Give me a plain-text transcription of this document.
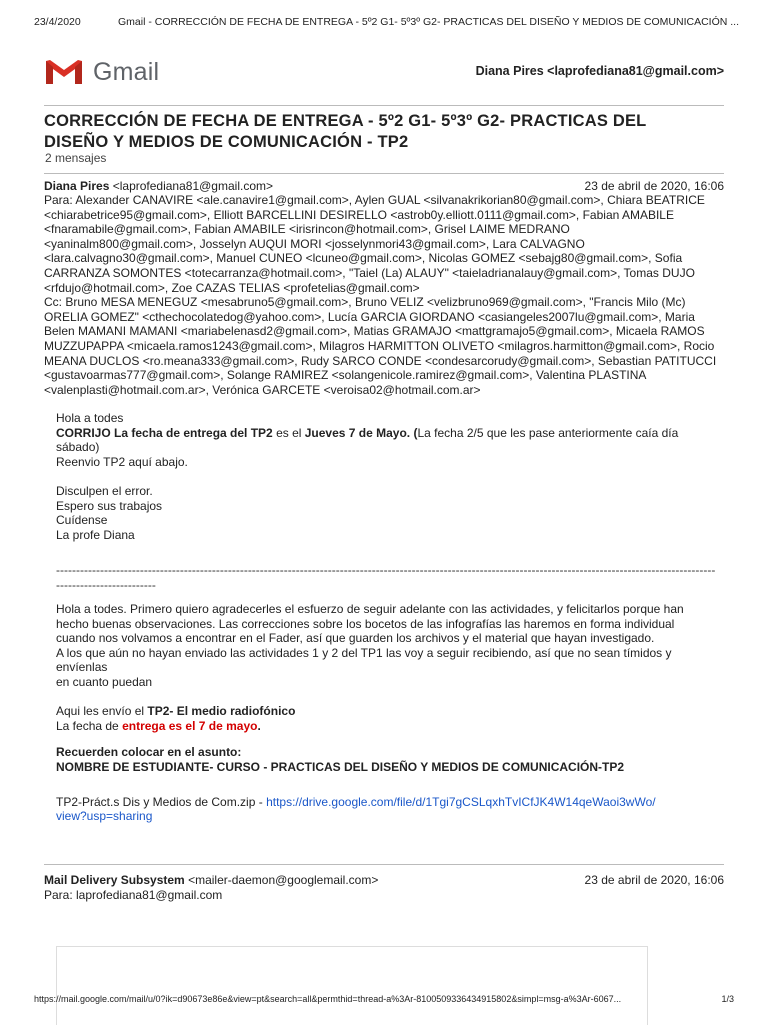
23/4/2020	Gmail - CORRECCIÓN DE FECHA DE ENTREGA - 5º2 G1- 5º3º G2- PRACTICAS DEL DISEÑO Y MEDIOS DE COMUNICACIÓN ...
Gmail	Diana Pires <laprofediana81@gmail.com>
CORRECCIÓN DE FECHA DE ENTREGA - 5º2 G1- 5º3º G2- PRACTICAS DEL DISEÑO Y MEDIOS DE COMUNICACIÓN - TP2
2 mensajes
Diana Pires <laprofediana81@gmail.com>	23 de abril de 2020, 16:06

Para: Alexander CANAVIRE <ale.canavire1@gmail.com>, Aylen GUAL <silvanakrikorian80@gmail.com>, Chiara BEATRICE <chiarabetrice95@gmail.com>, Elliott BARCELLINI DESIRELLO <astrob0y.elliott.0111@gmail.com>, Fabian AMABILE <fnaramabile@gmail.com>, Fabian AMABILE <irisrincon@hotmail.com>, Grisel LAIME MEDRANO <yaninalm800@gmail.com>, Josselyn AUQUI MORI <josselynmori43@gmail.com>, Lara CALVAGNO <lara.calvagno30@gmail.com>, Manuel CUNEO <lcuneo@gmail.com>, Nicolas GOMEZ <sebajg80@gmail.com>, Sofia CARRANZA SOMONTES <totecarranza@hotmail.com>, "Taiel (La) ALAUY" <taieladrianalauy@gmail.com>, Tomas DUJO <rfdujo@hotmail.com>, Zoe CAZAS TELIAS <profetelias@gmail.com>

Cc: Bruno MESA MENEGUZ <mesabruno5@gmail.com>, Bruno VELIZ <velizbruno969@gmail.com>, "Francis Milo (Mc) ORELIA GOMEZ" <cthechocolatedog@yahoo.com>, Lucía GARCIA GIORDANO <casiangeles2007lu@gmail.com>, Maria Belen MAMANI MAMANI <mariabelenasd2@gmail.com>, Matias GRAMAJO <mattgramajo5@gmail.com>, Micaela RAMOS MUZZUPAPPA <micaela.ramos1243@gmail.com>, Milagros HARMITTON OLIVETO <milagros.harmitton@gmail.com>, Rocio MEANA DUCLOS <ro.meana333@gmail.com>, Rudy SARCO CONDE <condesarcorudy@gmail.com>, Sebastian PATITUCCI <gustavoarmas777@gmail.com>, Solange RAMIREZ <solangenicole.ramirez@gmail.com>, Valentina PLASTINA <valenplasti@hotmail.com.ar>, Verónica GARCETE <veroisa02@hotmail.com.ar>

Hola a todes

CORRIJO La fecha de entrega del TP2 es el Jueves 7 de Mayo. (La fecha 2/5 que les pase anteriormente caía día sábado)

Reenvio TP2 aquí abajo.

Disculpen el error.

Espero sus trabajos

Cuídense

La profe Diana

----------------------------------------------------------------------------------------------------------------------------------------------------------------------------------------------

Hola a todes. Primero quiero agradecerles el esfuerzo de seguir adelante con las actividades, y felicitarlos porque han hecho buenas observaciones. Las correcciones sobre los bocetos de las infografías las haremos en forma individual cuando nos volvamos a encontrar en el Fader, así que guarden los archivos y el material que hayan investigado.

A los que aún no hayan enviado las actividades 1 y 2 del TP1 las voy a seguir recibiendo, así que no sean tímidos y envíenlas

en cuanto puedan

Aqui les envío el TP2- El medio radiofónico

La fecha de entrega es el 7 de mayo.

Recuerden colocar en el asunto:

NOMBRE DE ESTUDIANTE- CURSO - PRACTICAS DEL DISEÑO Y MEDIOS DE COMUNICACIÓN-TP2

TP2-Práct.s Dis y Medios de Com.zip - https://drive.google.com/file/d/1Tgi7gCSLqxhTvICfJK4W14qeWaoi3wWo/view?usp=sharing

Mail Delivery Subsystem <mailer-daemon@googlemail.com>	23 de abril de 2020, 16:06

Para: laprofediana81@gmail.com

https://mail.google.com/mail/u/0?ik=d90673e86e&view=pt&search=all&permthid=thread-a%3Ar-8100509336434915802&simpl=msg-a%3Ar-6067...	1/3
